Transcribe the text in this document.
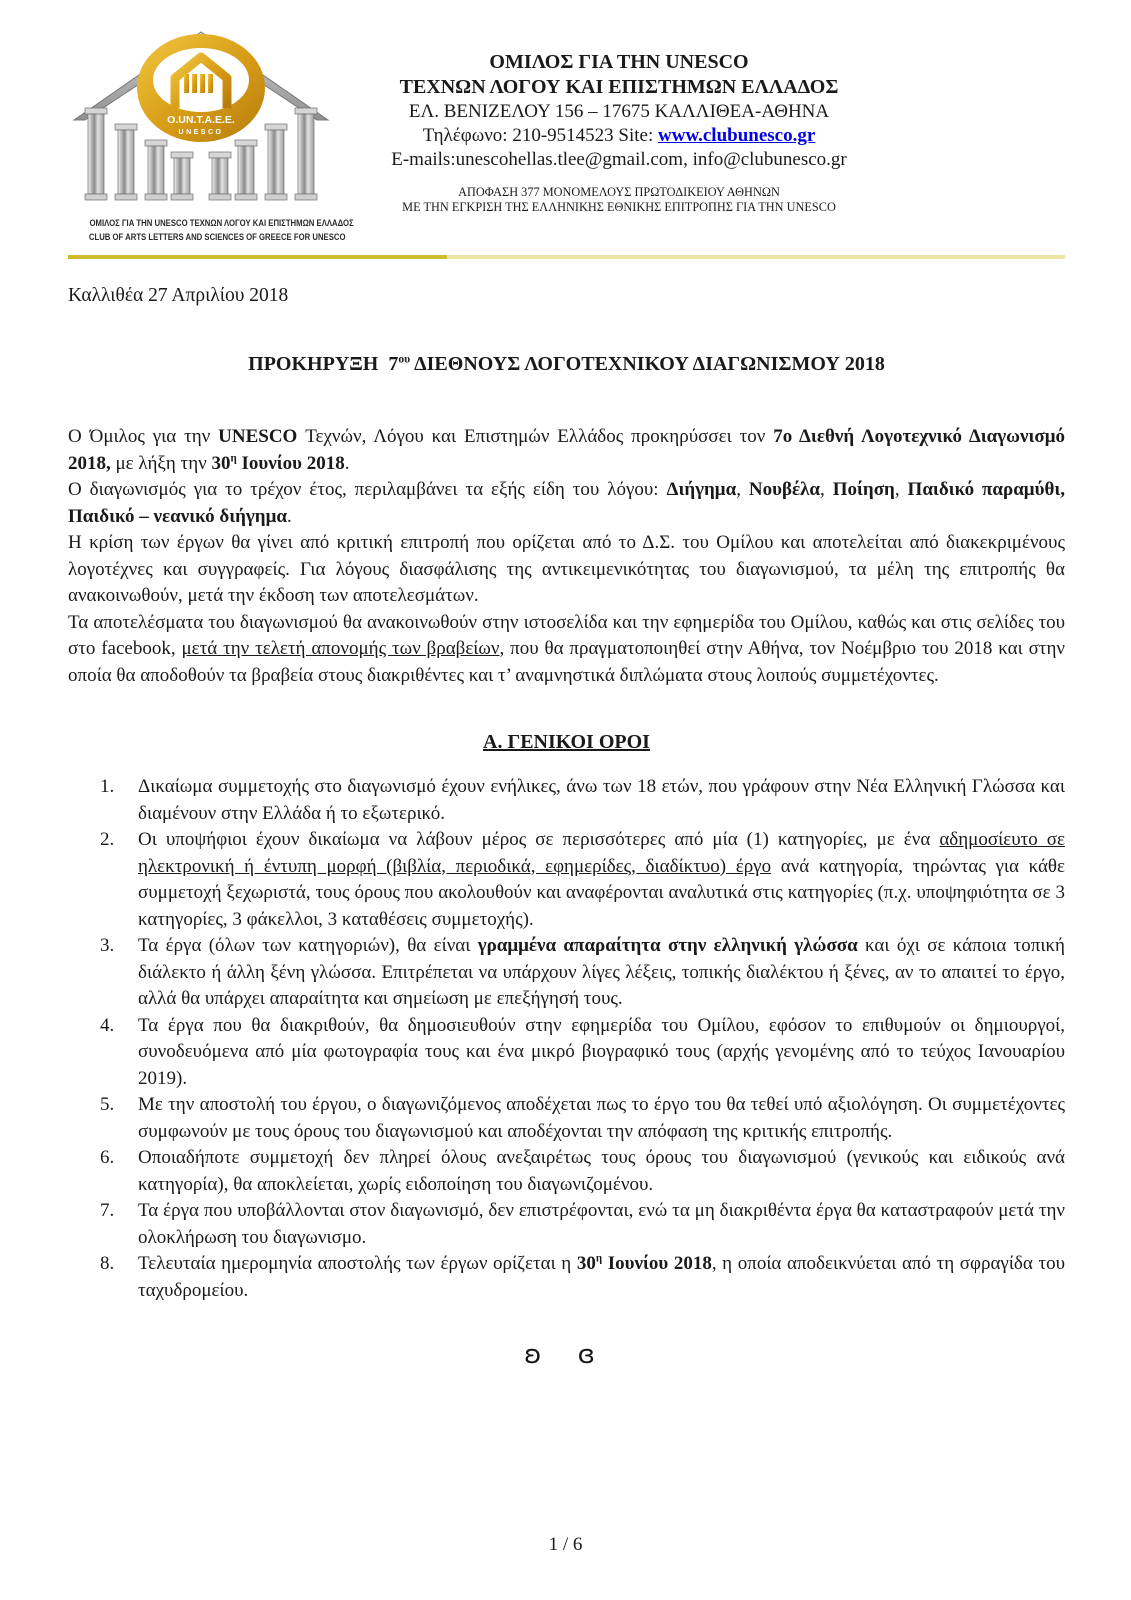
O.UN.T.A.E.E.
UNESCO
ΟΜΙΛΟΣ ΓΙΑ ΤΗΝ UNESCO ΤΕΧΝΩΝ ΛΟΓΟΥ ΚΑΙ ΕΠΙΣΤΗΜΩΝ ΕΛΛΑΔΟΣ
CLUB OF ARTS LETTERS AND SCIENCES OF GREECE FOR UNESCO
ΟΜΙΛΟΣ ΓΙΑ ΤΗΝ UNESCO
ΤΕΧΝΩΝ ΛΟΓΟΥ ΚΑΙ ΕΠΙΣΤΗΜΩΝ ΕΛΛΑΔΟΣ
ΕΛ. ΒΕΝΙΖΕΛΟΥ 156 – 17675 ΚΑΛΛΙΘΕΑ-ΑΘΗΝΑ
Τηλέφωνο: 210-9514523 Site: www.clubunesco.gr
E-mails:unescohellas.tlee@gmail.com, info@clubunesco.gr
ΑΠΟΦΑΣΗ 377 ΜΟΝΟΜΕΛΟΥΣ ΠΡΩΤΟΔΙΚΕΙΟΥ ΑΘΗΝΩΝ
ΜΕ ΤΗΝ ΕΓΚΡΙΣΗ ΤΗΣ ΕΛΛΗΝΙΚΗΣ ΕΘΝΙΚΗΣ ΕΠΙΤΡΟΠΗΣ ΓΙΑ ΤΗΝ UNESCO
Καλλιθέα 27 Απριλίου 2018
ΠΡΟΚΗΡΥΞΗ  $7^{o\upsilon}$ ΔΙΕΘΝΟΥΣ ΛΟΓΟΤΕΧΝΙΚΟΥ ΔΙΑΓΩΝΙΣΜΟΥ 2018

Ο Όμιλος για την UNESCO Τεχνών, Λόγου και Επιστημών Ελλάδος προκηρύσσει τον 7ο Διεθνή Λογοτεχνικό Διαγωνισμό 2018, με λήξη την $30^\eta$ Ιουνίου 2018.

Ο διαγωνισμός για το τρέχον έτος, περιλαμβάνει τα εξής είδη του λόγου: Διήγημα, Νουβέλα, Ποίηση, Παιδικό παραμύθι, Παιδικό – νεανικό διήγημα.

Η κρίση των έργων θα γίνει από κριτική επιτροπή που ορίζεται από το Δ.Σ. του Ομίλου και αποτελείται από διακεκριμένους λογοτέχνες και συγγραφείς. Για λόγους διασφάλισης της αντικειμενικότητας του διαγωνισμού, τα μέλη της επιτροπής θα ανακοινωθούν, μετά την έκδοση των αποτελεσμάτων.

Τα αποτελέσματα του διαγωνισμού θα ανακοινωθούν στην ιστοσελίδα και την εφημερίδα του Ομίλου, καθώς και στις σελίδες του στο facebook, μετά την τελετή απονομής των βραβείων, που θα πραγματοποιηθεί στην Αθήνα, τον Νοέμβριο του 2018 και στην οποία θα αποδοθούν τα βραβεία στους διακριθέντες και τ’ αναμνηστικά διπλώματα στους λοιπούς συμμετέχοντες.

Α. ΓΕΝΙΚΟΙ ΟΡΟΙ
1. Δικαίωμα συμμετοχής στο διαγωνισμό έχουν ενήλικες, άνω των 18 ετών, που γράφουν στην Νέα Ελληνική Γλώσσα και διαμένουν στην Ελλάδα ή το εξωτερικό.
2. Οι υποψήφιοι έχουν δικαίωμα να λάβουν μέρος σε περισσότερες από μία (1) κατηγορίες, με ένα αδημοσίευτο σε ηλεκτρονική ή έντυπη μορφή (βιβλία, περιοδικά, εφημερίδες, διαδίκτυο) έργο ανά κατηγορία, τηρώντας για κάθε συμμετοχή ξεχωριστά, τους όρους που ακολουθούν και αναφέρονται αναλυτικά στις κατηγορίες (π.χ. υποψηφιότητα σε 3 κατηγορίες, 3 φάκελλοι, 3 καταθέσεις συμμετοχής).
3. Τα έργα (όλων των κατηγοριών), θα είναι γραμμένα απαραίτητα στην ελληνική γλώσσα και όχι σε κάποια τοπική διάλεκτο ή άλλη ξένη γλώσσα. Επιτρέπεται να υπάρχουν λίγες λέξεις, τοπικής διαλέκτου ή ξένες, αν το απαιτεί το έργο, αλλά θα υπάρχει απαραίτητα και σημείωση με επεξήγησή τους.
4. Τα έργα που θα διακριθούν, θα δημοσιευθούν στην εφημερίδα του Ομίλου, εφόσον το επιθυμούν οι δημιουργοί, συνοδευόμενα από μία φωτογραφία τους και ένα μικρό βιογραφικό τους (αρχής γενομένης από το τεύχος Ιανουαρίου 2019).
5. Με την αποστολή του έργου, ο διαγωνιζόμενος αποδέχεται πως το έργο του θα τεθεί υπό αξιολόγηση. Οι συμμετέχοντες συμφωνούν με τους όρους του διαγωνισμού και αποδέχονται την απόφαση της κριτικής επιτροπής.
6. Οποιαδήποτε συμμετοχή δεν πληρεί όλους ανεξαιρέτως τους όρους του διαγωνισμού (γενικούς και ειδικούς ανά κατηγορία), θα αποκλείεται, χωρίς ειδοποίηση του διαγωνιζομένου.
7. Τα έργα που υποβάλλονται στον διαγωνισμό, δεν επιστρέφονται, ενώ τα μη διακριθέντα έργα θα καταστραφούν μετά την ολοκλήρωση του διαγωνισμο.
8. Τελευταία ημερομηνία αποστολής των έργων ορίζεται η $30^\eta$ Ιουνίου 2018, η οποία αποδεικνύεται από τη σφραγίδα του ταχυδρομείου.
ʚ ɞ
1 / 6
